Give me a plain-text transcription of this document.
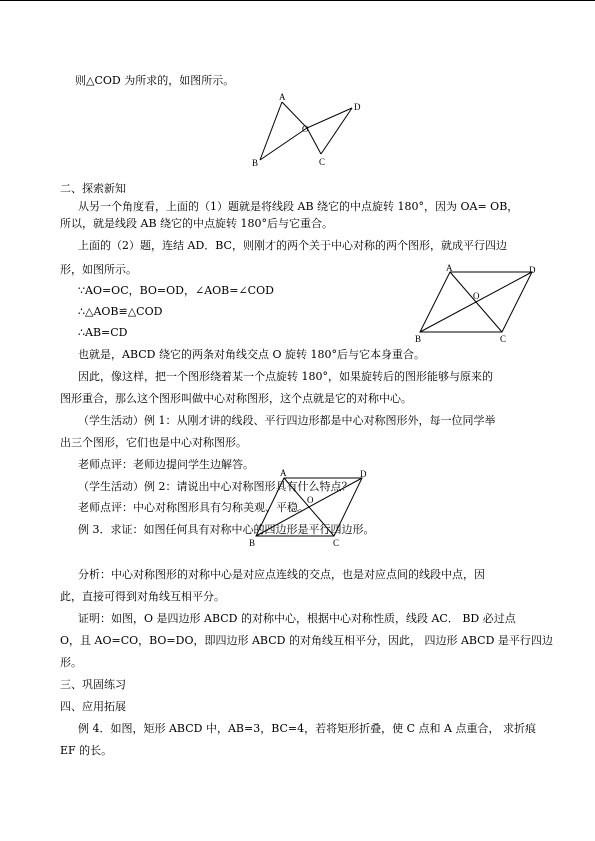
A
B
O
D
C
A	D
O
B	C
A	D
O
B	C
则△COD 为所求的，如图所示。
二、探索新知
从另一个角度看，上面的（1）题就是将线段 AB 绕它的中点旋转 180°，因为 OA= OB，
所以，就是线段 AB 绕它的中点旋转 180°后与它重合。
上面的（2）题，连结 AD．BC，则刚才的两个关于中心对称的两个图形，就成平行四边
形，如图所示。
∵AO=OC，BO=OD，∠AOB=∠COD
∴△AOB≌△COD
∴AB=CD
也就是，ABCD 绕它的两条对角线交点 O 旋转 180°后与它本身重合。
因此，像这样，把一个图形绕着某一个点旋转 180°，如果旋转后的图形能够与原来的
图形重合，那么这个图形叫做中心对称图形，这个点就是它的对称中心。
（学生活动）例 1：从刚才讲的线段、平行四边形都是中心对称图形外，每一位同学举
出三个图形，它们也是中心对称图形。
老师点评：老师边提问学生边解答。
（学生活动）例 2：请说出中心对称图形具有什么特点？
老师点评：中心对称图形具有匀称美观、平稳。
例 3．求证：如图任何具有对称中心的四边形是平行四边形。
分析：中心对称图形的对称中心是对应点连线的交点，也是对应点间的线段中点，因
此，直接可得到对角线互相平分。
证明：如图，O 是四边形 ABCD 的对称中心，根据中心对称性质，线段 AC． BD 必过点
O，且 AO=CO，BO=DO，即四边形 ABCD 的对角线互相平分，因此， 四边形 ABCD 是平行四边
形。
三、巩固练习
四、应用拓展
例 4．如图，矩形 ABCD 中，AB=3，BC=4，若将矩形折叠，使 C 点和 A 点重合， 求折痕
EF 的长。
